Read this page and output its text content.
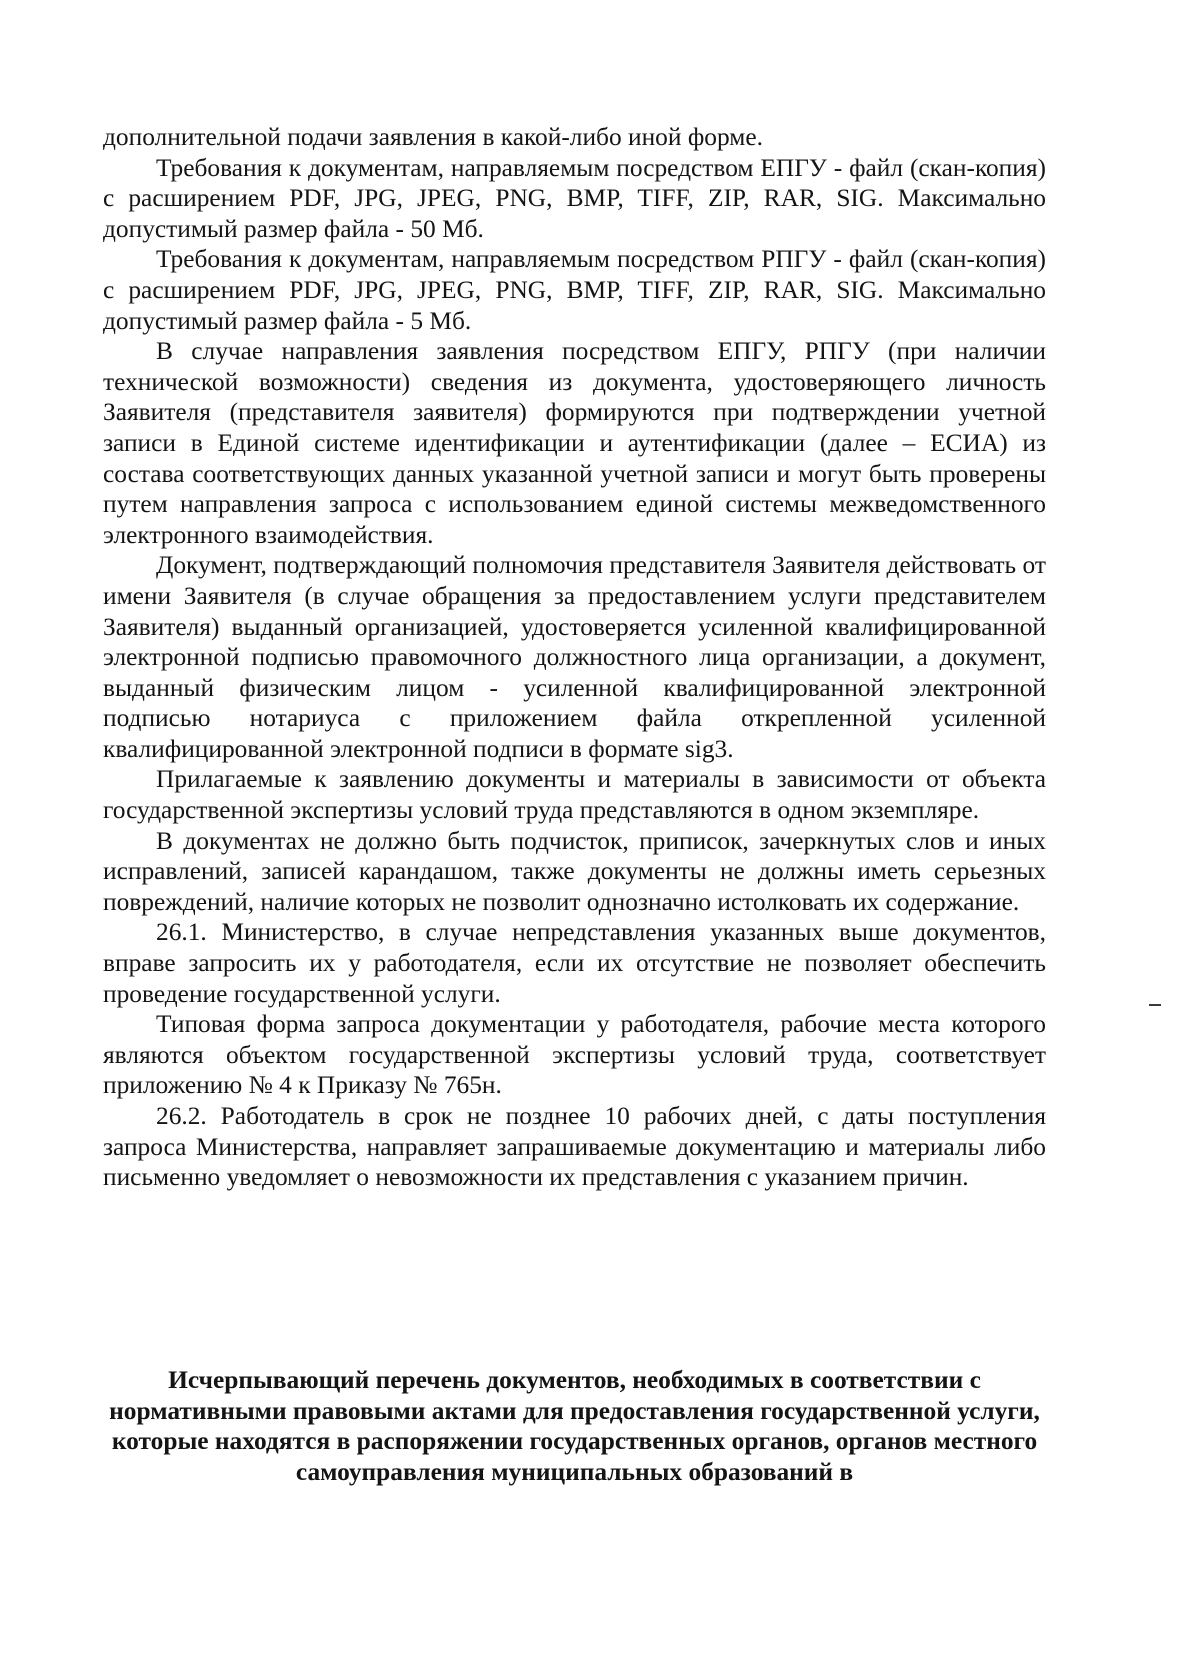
дополнительной подачи заявления в какой-либо иной форме.

Требования к документам, направляемым посредством ЕПГУ - файл (скан-копия) с расширением PDF, JPG, JPEG, PNG, BMP, TIFF, ZIP, RAR, SIG. Максимально допустимый размер файла - 50 Мб.

Требования к документам, направляемым посредством РПГУ - файл (скан-копия) с расширением PDF, JPG, JPEG, PNG, BMP, TIFF, ZIP, RAR, SIG. Максимально допустимый размер файла - 5 Мб.

В случае направления заявления посредством ЕПГУ, РПГУ (при наличии технической возможности) сведения из документа, удостоверяющего личность Заявителя (представителя заявителя) формируются при подтверждении учетной записи в Единой системе идентификации и аутентификации (далее – ЕСИА) из состава соответствующих данных указанной учетной записи и могут быть проверены путем направления запроса с использованием единой системы межведомственного электронного взаимодействия.

Документ, подтверждающий полномочия представителя Заявителя действовать от имени Заявителя (в случае обращения за предоставлением услуги представителем Заявителя) выданный организацией, удостоверяется усиленной квалифицированной электронной подписью правомочного должностного лица организации, а документ, выданный физическим лицом - усиленной квалифицированной электронной подписью нотариуса с приложением файла открепленной усиленной квалифицированной электронной подписи в формате sig3.

Прилагаемые к заявлению документы и материалы в зависимости от объекта государственной экспертизы условий труда представляются в одном экземпляре.

В документах не должно быть подчисток, приписок, зачеркнутых слов и иных исправлений, записей карандашом, также документы не должны иметь серьезных повреждений, наличие которых не позволит однозначно истолковать их содержание.

26.1. Министерство, в случае непредставления указанных выше документов, вправе запросить их у работодателя, если их отсутствие не позволяет обеспечить проведение государственной услуги.

Типовая форма запроса документации у работодателя, рабочие места которого являются объектом государственной экспертизы условий труда, соответствует приложению № 4 к Приказу № 765н.

26.2. Работодатель в срок не позднее 10 рабочих дней, с даты поступления запроса Министерства, направляет запрашиваемые документацию и материалы либо письменно уведомляет о невозможности их представления с указанием причин.

Исчерпывающий перечень документов, необходимых в соответствии с нормативными правовыми актами для предоставления государственной услуги, которые находятся в распоряжении государственных органов, органов местного самоуправления муниципальных образований в
